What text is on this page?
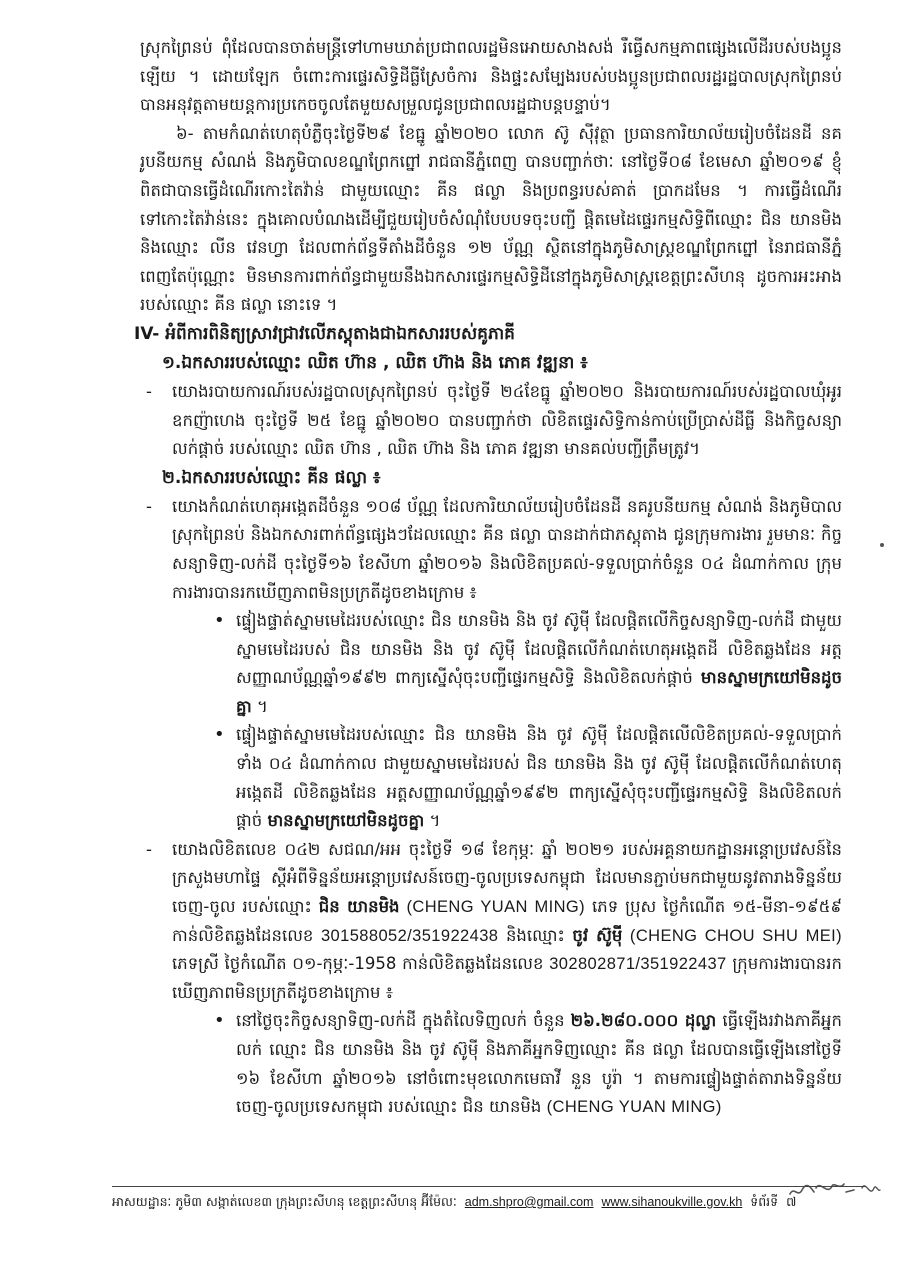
ស្រុកព្រៃនប់ ពុំដែលបានចាត់មន្ត្រីទៅហាមឃាត់ប្រជាពលរដ្ឋមិនអោយសាងសង់ រឺធ្វើសកម្មភាពផ្សេងលើដីរបស់បងប្អូនឡើយ ។ ដោយឡែក ចំពោះការផ្ទេរសិទ្ធិដីធ្លីស្រែចំការ និងផ្ទះសម្បែងរបស់បងប្អូនប្រជាពលរដ្ឋរដ្ឋបាលស្រុកព្រៃនប់ បានអនុវត្តតាមយន្តការប្រកេចចូលតែមួយសម្រួលជូនប្រជាពលរដ្ឋជាបន្តបន្ទាប់។

៦- តាមកំណត់ហេតុបំភ្លឺចុះថ្ងៃទី២៩ ខែធ្នូ ឆ្នាំ២០២០ លោក ស៊ូ ស៊ីវុត្ថា ប្រធានការិយាល័យរៀបចំដែនដី នគរូបនីយកម្ម សំណង់ និងភូមិបាលខណ្ឌព្រែកព្នៅ រាជធានីភ្នំពេញ បានបញ្ជាក់ថាៈ នៅថ្ងៃទី០៨ ខែមេសា ឆ្នាំ២០១៩ ខ្ញុំពិតជាបានធ្វើដំណើរកោះតៃវ៉ាន់ ជាមួយឈ្មោះ គីន ផល្លា និងប្រពន្ធរបស់គាត់ ប្រាកដមែន ។ ការធ្វើដំណើរទៅកោះតៃវ៉ាន់នេះ ក្នុងគោលបំណងដើម្បីជួយរៀបចំសំណុំបែបបទចុះបញ្ជី ផ្តិតមេដៃផ្ទេរកម្មសិទ្ធិពីឈ្មោះ ជិន យានមិង និងឈ្មោះ លីន វេនហ្វា ដែលពាក់ព័ន្ធទីតាំងដីចំនួន ១២ ប័ណ្ណ ស្ថិតនៅក្នុងភូមិសាស្ត្រខណ្ឌព្រែកព្នៅ នៃរាជធានីភ្នំពេញតែប៉ុណ្ណោះ មិនមានការពាក់ព័ន្ធជាមួយនឹងឯកសារផ្ទេរកម្មសិទ្ធិដីនៅក្នុងភូមិសាស្ត្រខេត្តព្រះសីហនុ ដូចការអះអាងរបស់ឈ្មោះ គីន ផល្លា នោះទេ ។

IV- អំពីការពិនិត្យស្រាវជ្រាវលើភស្តុតាងជាឯកសាររបស់គូភាគី

១.ឯកសាររបស់ឈ្មោះ ឈិត ហ៊ាន , ឈិត ហ៊ាង និង ភោគ វឌ្ឍនា ៖

- យោងរបាយការណ៍របស់រដ្ឋបាលស្រុកព្រៃនប់ ចុះថ្ងៃទី ២៤ខែធ្នូ ឆ្នាំ២០២០ និងរបាយការណ៍របស់រដ្ឋបាលឃុំអូរឧកញ៉ាហេង ចុះថ្ងៃទី ២៥ ខែធ្នូ ឆ្នាំ២០២០ បានបញ្ជាក់ថា លិខិតផ្ទេរសិទ្ធិកាន់កាប់ប្រើប្រាស់ដីធ្លី និងកិច្ចសន្យាលក់ផ្តាច់ របស់ឈ្មោះ ឈិត ហ៊ាន , ឈិត ហ៊ាង និង ភោគ វឌ្ឍនា មានគល់បញ្ជីត្រឹមត្រូវ។

២.ឯកសាររបស់ឈ្មោះ គីន ផល្លា ៖

- យោងកំណត់ហេតុអង្កេតដីចំនួន ១០៨ ប័ណ្ណ ដែលការិយាល័យរៀបចំដែនដី នគរូបនីយកម្ម សំណង់ និងភូមិបាលស្រុកព្រៃនប់ និងឯកសារពាក់ព័ន្ធផ្សេងៗដែលឈ្មោះ គីន ផល្លា បានដាក់ជាភស្តុតាង ជូនក្រុមការងារ រួមមានៈ កិច្ចសន្យាទិញ-លក់ដី ចុះថ្ងៃទី១៦ ខែសីហា ឆ្នាំ២០១៦ និងលិខិតប្រគល់-ទទួលប្រាក់ចំនួន ០៤ ដំណាក់កាល ក្រុមការងារបានរកឃើញភាពមិនប្រក្រតីដូចខាងក្រោម ៖

• ផ្ទៀងផ្ទាត់ស្នាមមេដៃរបស់ឈ្មោះ ជិន យានមិង និង ចូវ ស៊ូម៉ី ដែលផ្តិតលើកិច្ចសន្យាទិញ-លក់ដី ជាមួយស្នាមមេដៃរបស់ ជិន យានមិង និង ចូវ ស៊ូម៉ី ដែលផ្តិតលើកំណត់ហេតុអង្កេតដី លិខិតឆ្លងដែន អត្តសញ្ញាណប័ណ្ណឆ្នាំ១៩៩២ ពាក្យស្នើសុំចុះបញ្ជីផ្ទេរកម្មសិទ្ធិ និងលិខិតលក់ផ្តាច់ មានស្នាមក្រយៅមិនដូចគ្នា ។

• ផ្ទៀងផ្ទាត់ស្នាមមេដៃរបស់ឈ្មោះ ជិន យានមិង និង ចូវ ស៊ូម៉ី ដែលផ្តិតលើលិខិតប្រគល់-ទទួលប្រាក់ទាំង ០៤ ដំណាក់កាល ជាមួយស្នាមមេដៃរបស់ ជិន យានមិង និង ចូវ ស៊ូម៉ី ដែលផ្តិតលើកំណត់ហេតុអង្កេតដី លិខិតឆ្លងដែន អត្តសញ្ញាណប័ណ្ណឆ្នាំ១៩៩២ ពាក្យស្នើសុំចុះបញ្ជីផ្ទេរកម្មសិទ្ធិ និងលិខិតលក់ផ្តាច់ មានស្នាមក្រយៅមិនដូចគ្នា ។

- យោងលិខិតលេខ ០៤២ សជណ/អអ ចុះថ្ងៃទី ១៨ ខែកុម្ភៈ ឆ្នាំ ២០២១ របស់អគ្គនាយកដ្ឋានអន្តោប្រវេសន៍នៃក្រសួងមហាផ្ទៃ ស្តីអំពីទិន្នន័យអន្តោប្រវេសន៍ចេញ-ចូលប្រទេសកម្ពុជា ដែលមានភ្ជាប់មកជាមួយនូវតារាងទិន្នន័យចេញ-ចូល របស់ឈ្មោះ ជិន យានមិង (CHENG YUAN MING) ភេទ ប្រុស ថ្ងៃកំណើត ១៥-មីនា-១៩៥៩ កាន់លិខិតឆ្លងដែនលេខ 301588052/351922438 និងឈ្មោះ ចូវ ស៊ូម៉ី (CHENG CHOU SHU MEI) ភេទស្រី ថ្ងៃកំណើត ០១-កុម្ភៈ-1958 កាន់លិខិតឆ្លងដែនលេខ 302802871/351922437 ក្រុមការងារបានរកឃើញភាពមិនប្រក្រតីដូចខាងក្រោម ៖

• នៅថ្ងៃចុះកិច្ចសន្យាទិញ-លក់ដី ក្នុងតំលៃទិញលក់ ចំនួន ២៦.២៨០.០០០ ដុល្លា ធ្វើឡើងរវាងភាគីអ្នកលក់ ឈ្មោះ ជិន យានមិង និង ចូវ ស៊ូម៉ី និងភាគីអ្នកទិញឈ្មោះ គីន ផល្លា ដែលបានធ្វើឡើងនៅថ្ងៃទី ១៦ ខែសីហា ឆ្នាំ២០១៦ នៅចំពោះមុខលោកមេធាវី នួន បូរ៉ា ។ តាមការផ្ទៀងផ្ទាត់តារាងទិន្នន័យចេញ-ចូលប្រទេសកម្ពុជា របស់ឈ្មោះ ជិន យានមិង (CHENG YUAN MING)

អាសយដ្ឋានៈ ភូមិ៣ សង្កាត់លេខ៣ ក្រុងព្រះសីហនុ ខេត្តព្រះសីហនុ អ៊ីម៉ែលៈ adm.shpro@gmail.com www.sihanoukville.gov.kh ទំព័រទី ៧
